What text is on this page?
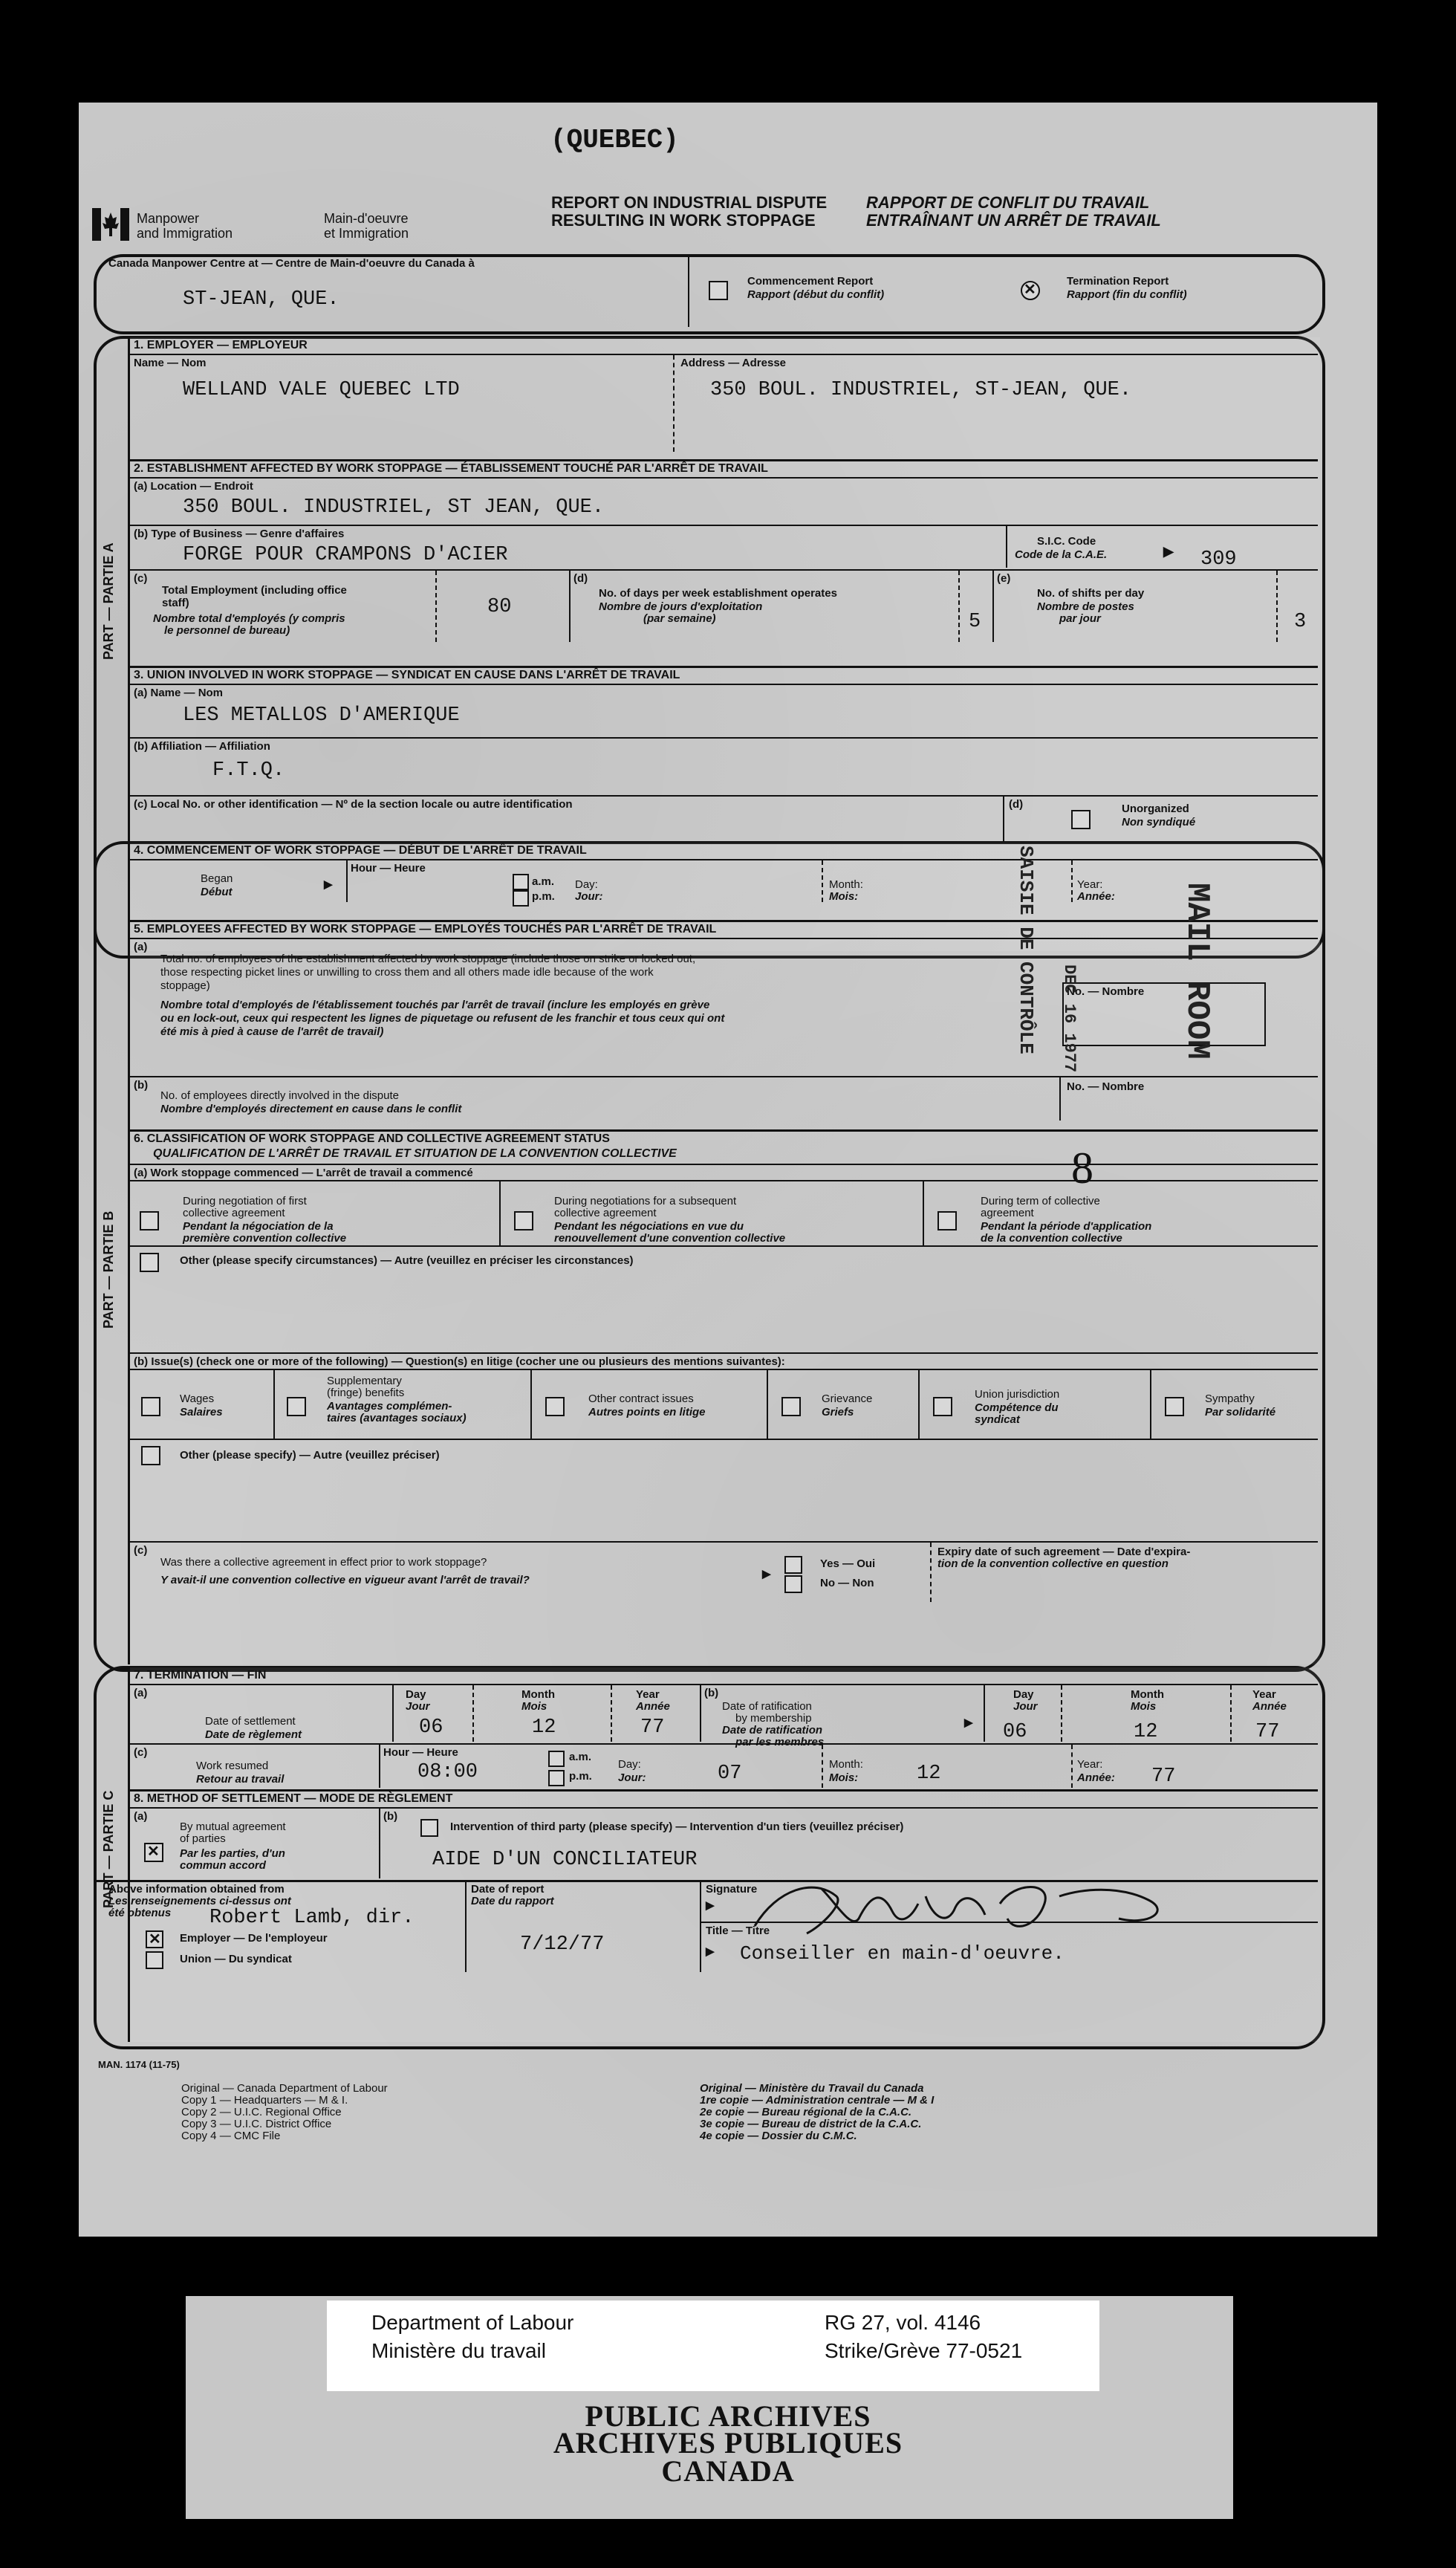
(QUEBEC)
Manpower
and Immigration
Main-d'oeuvre
et Immigration
REPORT ON INDUSTRIAL DISPUTE
RESULTING IN WORK STOPPAGE
RAPPORT DE CONFLIT DU TRAVAIL
ENTRAÎNANT UN ARRÊT DE TRAVAIL
Canada Manpower Centre at — Centre de Main-d'oeuvre du Canada à
ST-JEAN, QUE.
Commencement Report
Rapport (début du conflit)
✕
Termination Report
Rapport (fin du conflit)
PART — PARTIE A
1. EMPLOYER — EMPLOYEUR
Name — Nom
WELLAND VALE QUEBEC LTD
Address — Adresse
350 BOUL. INDUSTRIEL, ST-JEAN, QUE.
2. ESTABLISHMENT AFFECTED BY WORK STOPPAGE — ÉTABLISSEMENT TOUCHÉ PAR L'ARRÊT DE TRAVAIL
(a) Location — Endroit
350 BOUL. INDUSTRIEL, ST JEAN, QUE.
(b) Type of Business — Genre d'affaires
FORGE POUR CRAMPONS D'ACIER
S.I.C. Code
Code de la C.A.E.	▶ 309
(c)
Total Employment (including office staff)
Nombre total d'employés (y compris
le personnel de bureau)
80
(d)
No. of days per week establishment operates
Nombre de jours d'exploitation
(par semaine)	5
(e)
No. of shifts per day
Nombre de postes
par jour	3
3. UNION INVOLVED IN WORK STOPPAGE — SYNDICAT EN CAUSE DANS L'ARRÊT DE TRAVAIL
(a) Name — Nom
LES METALLOS D'AMERIQUE
(b) Affiliation — Affiliation
F.T.Q.
(c) Local No. or other identification — Nº de la section locale ou autre identification	(d)	Unorganized
Non syndiqué
PART — PARTIE B
4. COMMENCEMENT OF WORK STOPPAGE — DÉBUT DE L'ARRÊT DE TRAVAIL
Began
Début
▶
Hour — Heure
a.m.
p.m.
Day:
Jour:
Month:
Mois:
Year:
Année:
5. EMPLOYEES AFFECTED BY WORK STOPPAGE — EMPLOYÉS TOUCHÉS PAR L'ARRÊT DE TRAVAIL
(a)
Total no. of employees of the establishment affected by work stoppage (include those on strike or locked out,
those respecting picket lines or unwilling to cross them and all others made idle because of the work
stoppage)
Nombre total d'employés de l'établissement touchés par l'arrêt de travail (inclure les employés en grève
ou en lock-out, ceux qui respectent les lignes de piquetage ou refusent de les franchir et tous ceux qui ont
été mis à pied à cause de l'arrêt de travail)
No. — Nombre
(b)
No. of employees directly involved in the dispute
Nombre d'employés directement en cause dans le conflit
No. — Nombre
SAISIE DE CONTRÔLE DEC 16 1977	MAIL ROOM
6. CLASSIFICATION OF WORK STOPPAGE AND COLLECTIVE AGREEMENT STATUS
QUALIFICATION DE L'ARRÊT DE TRAVAIL ET SITUATION DE LA CONVENTION COLLECTIVE
(a) Work stoppage commenced — L'arrêt de travail a commencé
During negotiation of first
collective agreement
Pendant la négociation de la
première convention collective
During negotiations for a subsequent
collective agreement
Pendant les négociations en vue du
renouvellement d'une convention collective
During term of collective
agreement
Pendant la période d'application
de la convention collective
8
Other (please specify circumstances) — Autre (veuillez en préciser les circonstances)
(b) Issue(s) (check one or more of the following) — Question(s) en litige (cocher une ou plusieurs des mentions suivantes):
Wages
Salaires
Supplementary
(fringe) benefits
Avantages complémen-
taires (avantages sociaux)
Other contract issues
Autres points en litige
Grievance
Griefs
Union jurisdiction
Compétence du
syndicat
Sympathy
Par solidarité
Other (please specify) — Autre (veuillez préciser)
(c)
Was there a collective agreement in effect prior to work stoppage?
Y avait-il une convention collective en vigueur avant l'arrêt de travail?	▶
Yes — Oui
No — Non
Expiry date of such agreement — Date d'expira-
tion de la convention collective en question
PART — PARTIE C
7. TERMINATION — FIN
(a)
Date of settlement
Date de règlement
Day
Jour
06
Month
Mois
12
Year
Année
77
(b)
Date of ratification
by membership
Date de ratification
par les membres
▶
Day
Jour
06
Month
Mois
12
Year
Année
77
(c)
Work resumed
Retour au travail
Hour — Heure
08:00
a.m.
p.m.
Day:
Jour:	07	Month:
Mois:	12	Year:
Année: 77
8. METHOD OF SETTLEMENT — MODE DE RÈGLEMENT
(a)
By mutual agreement
of parties
✕
Par les parties, d'un
commun accord
(b)
Intervention of third party (please specify) — Intervention d'un tiers (veuillez préciser)
AIDE D'UN CONCILIATEUR
Above information obtained from
Les renseignements ci-dessus ont
été obtenus Robert Lamb, dir.
✕
Employer — De l'employeur
Union — Du syndicat
Date of report
Date du rapport
7/12/77
Signature
▶
Title — Titre
▶ Conseiller en main-d'oeuvre.
MAN. 1174 (11-75)
Original — Canada Department of Labour
Copy 1 — Headquarters — M & I.
Copy 2 — U.I.C. Regional Office
Copy 3 — U.I.C. District Office
Copy 4 — CMC File
Original — Ministère du Travail du Canada
1re copie — Administration centrale — M & I
2e copie — Bureau régional de la C.A.C.
3e copie — Bureau de district de la C.A.C.
4e copie — Dossier du C.M.C.
Department of Labour
Ministère du travail
RG 27, vol. 4146
Strike/Grève 77-0521
PUBLIC ARCHIVES
ARCHIVES PUBLIQUES
CANADA
